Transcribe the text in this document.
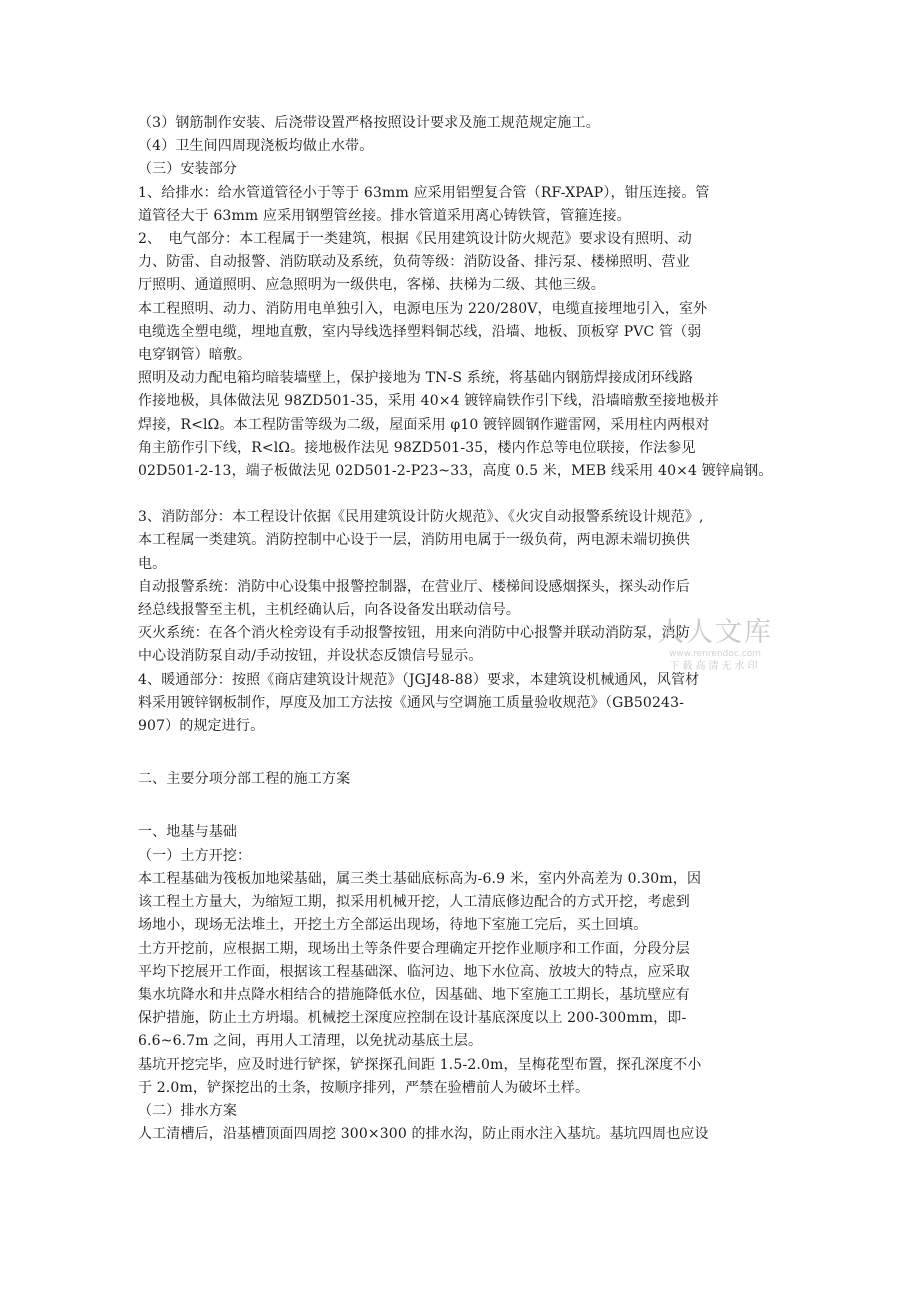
（3）钢筋制作安装、后浇带设置严格按照设计要求及施工规范规定施工。
（4）卫生间四周现浇板均做止水带。
（三）安装部分
1、给排水：给水管道管径小于等于 63mm 应采用铝塑复合管（RF-XPAP），钳压连接。管
道管径大于 63mm 应采用钢塑管丝接。排水管道采用离心铸铁管，管箍连接。
2、　电气部分：本工程属于一类建筑，根据《民用建筑设计防火规范》要求设有照明、动
力、防雷、自动报警、消防联动及系统，负荷等级：消防设备、排污泵、楼梯照明、营业
厅照明、通道照明、应急照明为一级供电，客梯、扶梯为二级、其他三级。
本工程照明、动力、消防用电单独引入，电源电压为 220/280V，电缆直接埋地引入，室外
电缆选全塑电缆，埋地直敷，室内导线选择塑料铜芯线，沿墙、地板、顶板穿 PVC 管（弱
电穿钢管）暗敷。
照明及动力配电箱均暗装墙壁上，保护接地为 TN-S 系统，将基础内钢筋焊接成闭环线路
作接地极，具体做法见 98ZD501-35，采用 40×4 镀锌扁铁作引下线，沿墙暗敷至接地极并
焊接，R<lΩ。本工程防雷等级为二级，屋面采用 φ10 镀锌圆钢作避雷网，采用柱内两根对
角主筋作引下线，R<lΩ。接地极作法见 98ZD501-35，楼内作总等电位联接，作法参见
02D501-2-13，端子板做法见 02D501-2-P23~33，高度 0.5 米，MEB 线采用 40×4 镀锌扁钢。
3、消防部分：本工程设计依据《民用建筑设计防火规范》、《火灾自动报警系统设计规范》,
本工程属一类建筑。消防控制中心设于一层，消防用电属于一级负荷，两电源未端切换供
电。
自动报警系统：消防中心设集中报警控制器，在营业厅、楼梯间设感烟探头，探头动作后
经总线报警至主机，主机经确认后，向各设备发出联动信号。
灭火系统：在各个消火栓旁设有手动报警按钮，用来向消防中心报警并联动消防泵，消防
中心设消防泵自动/手动按钮，并设状态反馈信号显示。
4、暖通部分：按照《商店建筑设计规范》（JGJ48-88）要求，本建筑设机械通风，风管材
料采用镀锌钢板制作，厚度及加工方法按《通风与空调施工质量验收规范》（GB50243-
907）的规定进行。
二、主要分项分部工程的施工方案
一、地基与基础
（一）土方开挖：
本工程基础为筏板加地梁基础，属三类土基础底标高为-6.9 米，室内外高差为 0.30m，因
该工程土方量大，为缩短工期，拟采用机械开挖，人工清底修边配合的方式开挖，考虑到
场地小，现场无法堆土，开挖土方全部运出现场，待地下室施工完后，买土回填。
土方开挖前，应根据工期，现场出土等条件要合理确定开挖作业顺序和工作面，分段分层
平均下挖展开工作面，根据该工程基础深、临河边、地下水位高、放坡大的特点，应采取
集水坑降水和井点降水相结合的措施降低水位，因基础、地下室施工工期长，基坑壁应有
保护措施，防止土方坍塌。机械挖土深度应控制在设计基底深度以上 200-300mm，即-
6.6~6.7m 之间，再用人工清理，以免扰动基底土层。
基坑开挖完毕，应及时进行铲探，铲探探孔间距 1.5-2.0m，呈梅花型布置，探孔深度不小
于 2.0m，铲探挖出的土条，按顺序排列，严禁在验槽前人为破坏土样。
（二）排水方案
人工清槽后，沿基槽顶面四周挖 300×300 的排水沟，防止雨水注入基坑。基坑四周也应设
人人文库
www.renrendoc.com
下载高清无水印
